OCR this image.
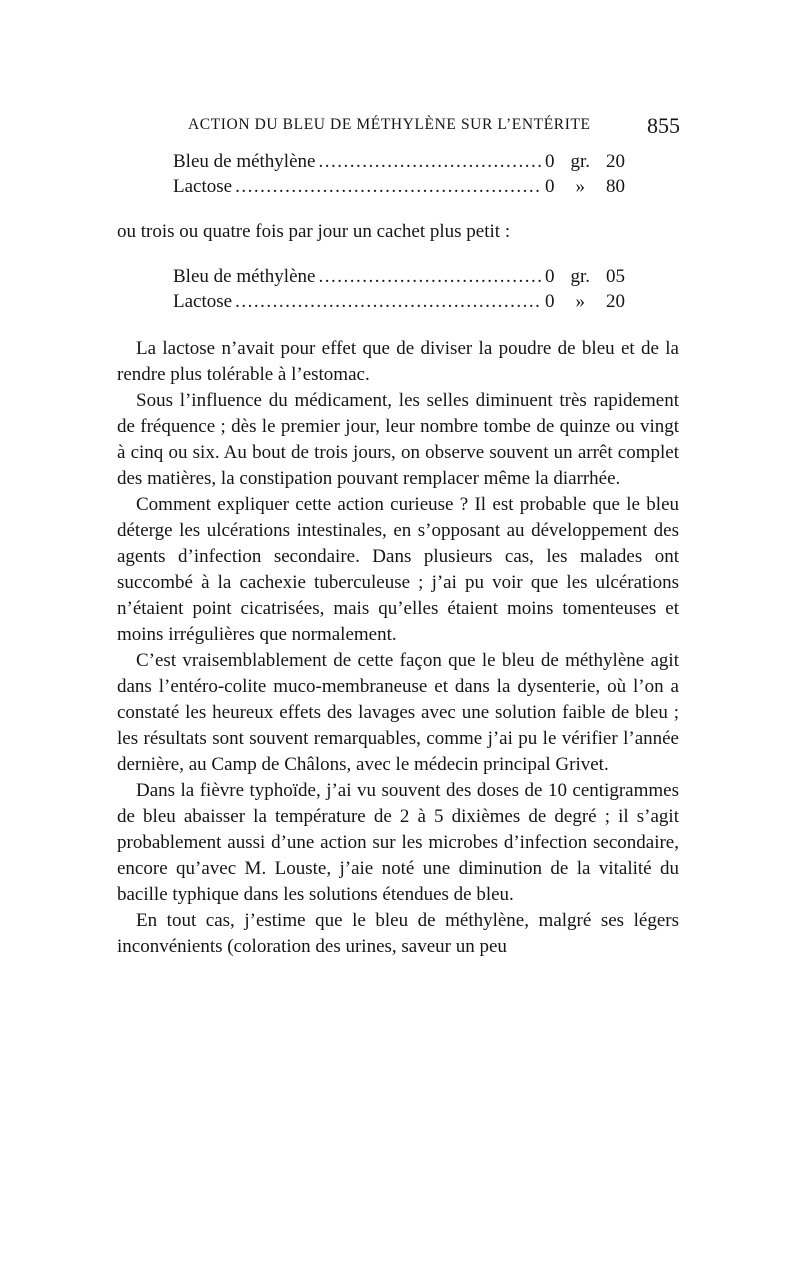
ACTION DU BLEU DE MÉTHYLÈNE SUR L’ENTÉRITE	855
Bleu de méthylène .....	0 gr. 20
Lactose .....	0 » 80

ou trois ou quatre fois par jour un cachet plus petit :

Bleu de méthylène .....	0 gr. 05
Lactose .....	0 » 20

La lactose n’avait pour effet que de diviser la poudre de bleu et de la rendre plus tolérable à l’estomac.

Sous l’influence du médicament, les selles diminuent très rapidement de fréquence ; dès le premier jour, leur nombre tombe de quinze ou vingt à cinq ou six. Au bout de trois jours, on observe souvent un arrêt complet des matières, la constipation pouvant remplacer même la diarrhée.

Comment expliquer cette action curieuse ? Il est probable que le bleu déterge les ulcérations intestinales, en s’opposant au développement des agents d’infection secondaire. Dans plusieurs cas, les malades ont succombé à la cachexie tuberculeuse ; j’ai pu voir que les ulcérations n’étaient point cicatrisées, mais qu’elles étaient moins tomenteuses et moins irrégulières que normalement.

C’est vraisemblablement de cette façon que le bleu de méthylène agit dans l’entéro-colite muco-membraneuse et dans la dysenterie, où l’on a constaté les heureux effets des lavages avec une solution faible de bleu ; les résultats sont souvent remarquables, comme j’ai pu le vérifier l’année dernière, au Camp de Châlons, avec le médecin principal Grivet.

Dans la fièvre typhoïde, j’ai vu souvent des doses de 10 centigrammes de bleu abaisser la température de 2 à 5 dixièmes de degré ; il s’agit probablement aussi d’une action sur les microbes d’infection secondaire, encore qu’avec M. Louste, j’aie noté une diminution de la vitalité du bacille typhique dans les solutions étendues de bleu.

En tout cas, j’estime que le bleu de méthylène, malgré ses légers inconvénients (coloration des urines, saveur un peu
